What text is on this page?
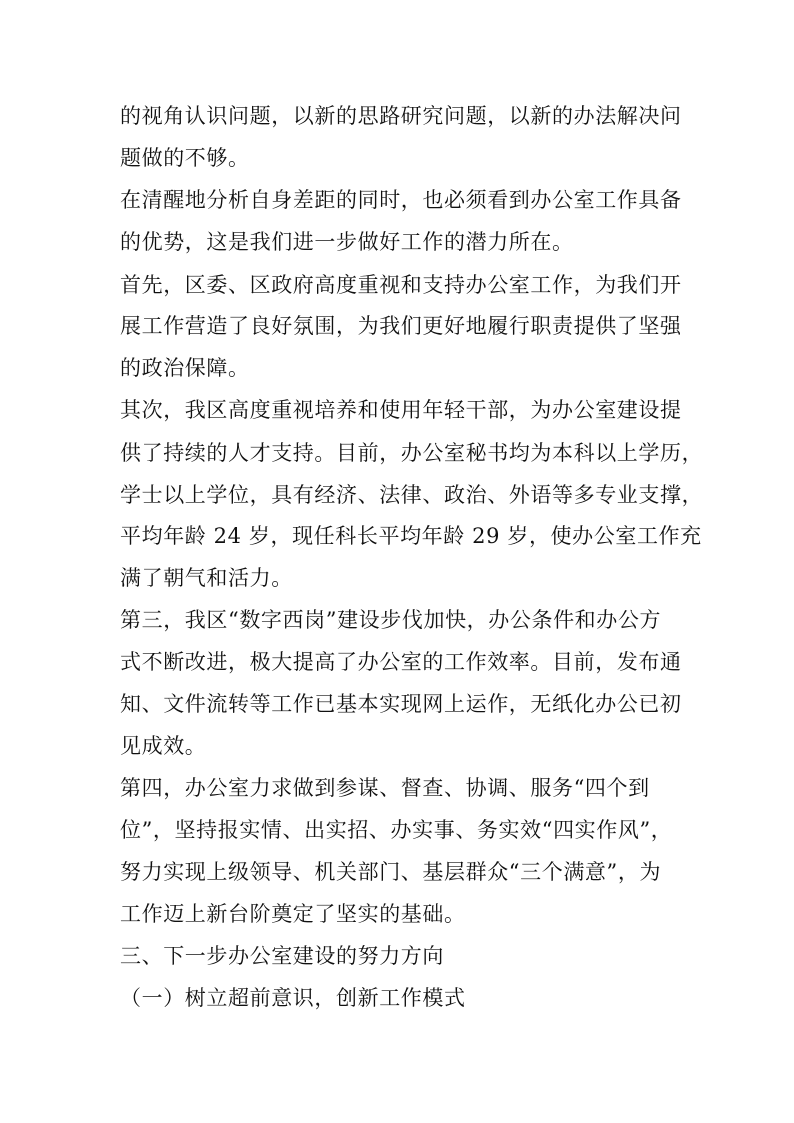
的视角认识问题，以新的思路研究问题，以新的办法解决问
题做的不够。
在清醒地分析自身差距的同时，也必须看到办公室工作具备
的优势，这是我们进一步做好工作的潜力所在。
首先，区委、区政府高度重视和支持办公室工作，为我们开
展工作营造了良好氛围，为我们更好地履行职责提供了坚强
的政治保障。
其次，我区高度重视培养和使用年轻干部，为办公室建设提
供了持续的人才支持。目前，办公室秘书均为本科以上学历，
学士以上学位，具有经济、法律、政治、外语等多专业支撑，
平均年龄 24 岁，现任科长平均年龄 29 岁，使办公室工作充
满了朝气和活力。
第三，我区“数字西岗”建设步伐加快，办公条件和办公方
式不断改进，极大提高了办公室的工作效率。目前，发布通
知、文件流转等工作已基本实现网上运作，无纸化办公已初
见成效。
第四，办公室力求做到参谋、督查、协调、服务“四个到
位”，坚持报实情、出实招、办实事、务实效“四实作风”，
努力实现上级领导、机关部门、基层群众“三个满意”，为
工作迈上新台阶奠定了坚实的基础。
三、下一步办公室建设的努力方向
（一）树立超前意识，创新工作模式
